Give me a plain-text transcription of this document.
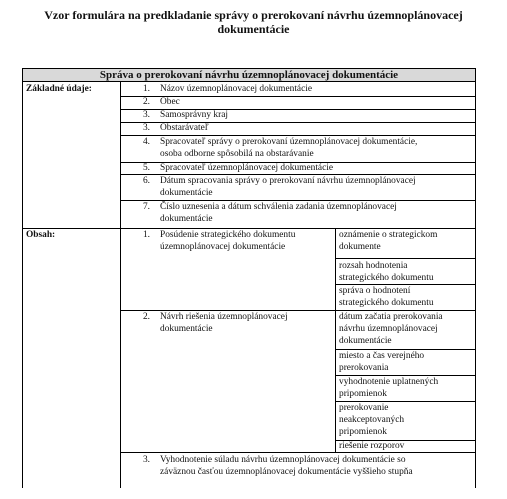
Vzor formulára na predkladanie správy o prerokovaní návrhu územnoplánovacej
dokumentácie
Správa o prerokovaní návrhu územnoplánovacej dokumentácie
Základné údaje:
Obsah:
1. Názov územnoplánovacej dokumentácie
2. Obec
3. Samosprávny kraj
3. Obstarávateľ
4. Spracovateľ správy o prerokovaní územnoplánovacej dokumentácie,
osoba odborne spôsobilá na obstarávanie
5. Spracovateľ územnoplánovacej dokumentácie
6. Dátum spracovania správy o prerokovaní návrhu územnoplánovacej
dokumentácie
7. Číslo uznesenia a dátum schválenia zadania územnoplánovacej
dokumentácie
1. Posúdenie strategického dokumentu
územnoplánovacej dokumentácie
oznámenie o strategickom
dokumente
rozsah hodnotenia
strategického dokumentu
správa o hodnotení
strategického dokumentu
2. Návrh riešenia územnoplánovacej
dokumentácie
dátum začatia prerokovania
návrhu územnoplánovacej
dokumentácie
miesto a čas verejného
prerokovania
vyhodnotenie uplatnených
pripomienok
prerokovanie
neakceptovaných
pripomienok
riešenie rozporov
3. Vyhodnotenie súladu návrhu územnoplánovacej dokumentácie so
záväznou časťou územnoplánovacej dokumentácie vyššieho stupňa
